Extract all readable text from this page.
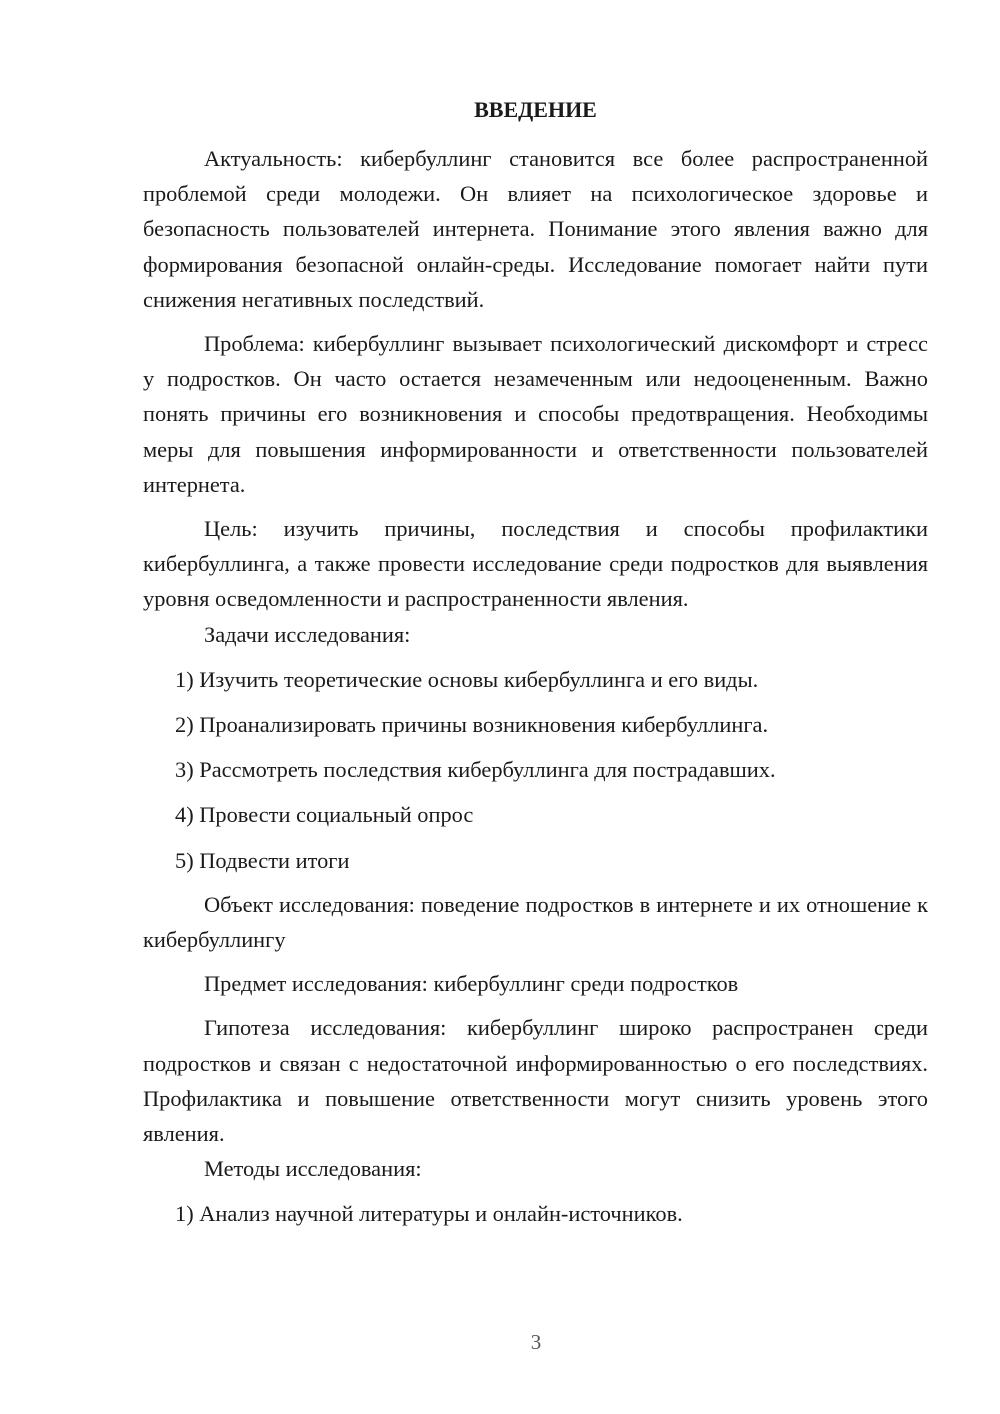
ВВЕДЕНИЕ

Актуальность: кибербуллинг становится все более распространенной проблемой среди молодежи. Он влияет на психологическое здоровье и безопасность пользователей интернета. Понимание этого явления важно для формирования безопасной онлайн-среды. Исследование помогает найти пути снижения негативных последствий.

Проблема: кибербуллинг вызывает психологический дискомфорт и стресс у подростков. Он часто остается незамеченным или недооцененным. Важно понять причины его возникновения и способы предотвращения. Необходимы меры для повышения информированности и ответственности пользователей интернета.

Цель: изучить причины, последствия и способы профилактики кибербуллинга, а также провести исследование среди подростков для выявления уровня осведомленности и распространенности явления.

Задачи исследования:

1) Изучить теоретические основы кибербуллинга и его виды.

2) Проанализировать причины возникновения кибербуллинга.

3) Рассмотреть последствия кибербуллинга для пострадавших.

4) Провести социальный опрос

5) Подвести итоги

Объект исследования: поведение подростков в интернете и их отношение к кибербуллингу

Предмет исследования: кибербуллинг среди подростков

Гипотеза исследования: кибербуллинг широко распространен среди подростков и связан с недостаточной информированностью о его последствиях. Профилактика и повышение ответственности могут снизить уровень этого явления.

Методы исследования:

1) Анализ научной литературы и онлайн-источников.

3
